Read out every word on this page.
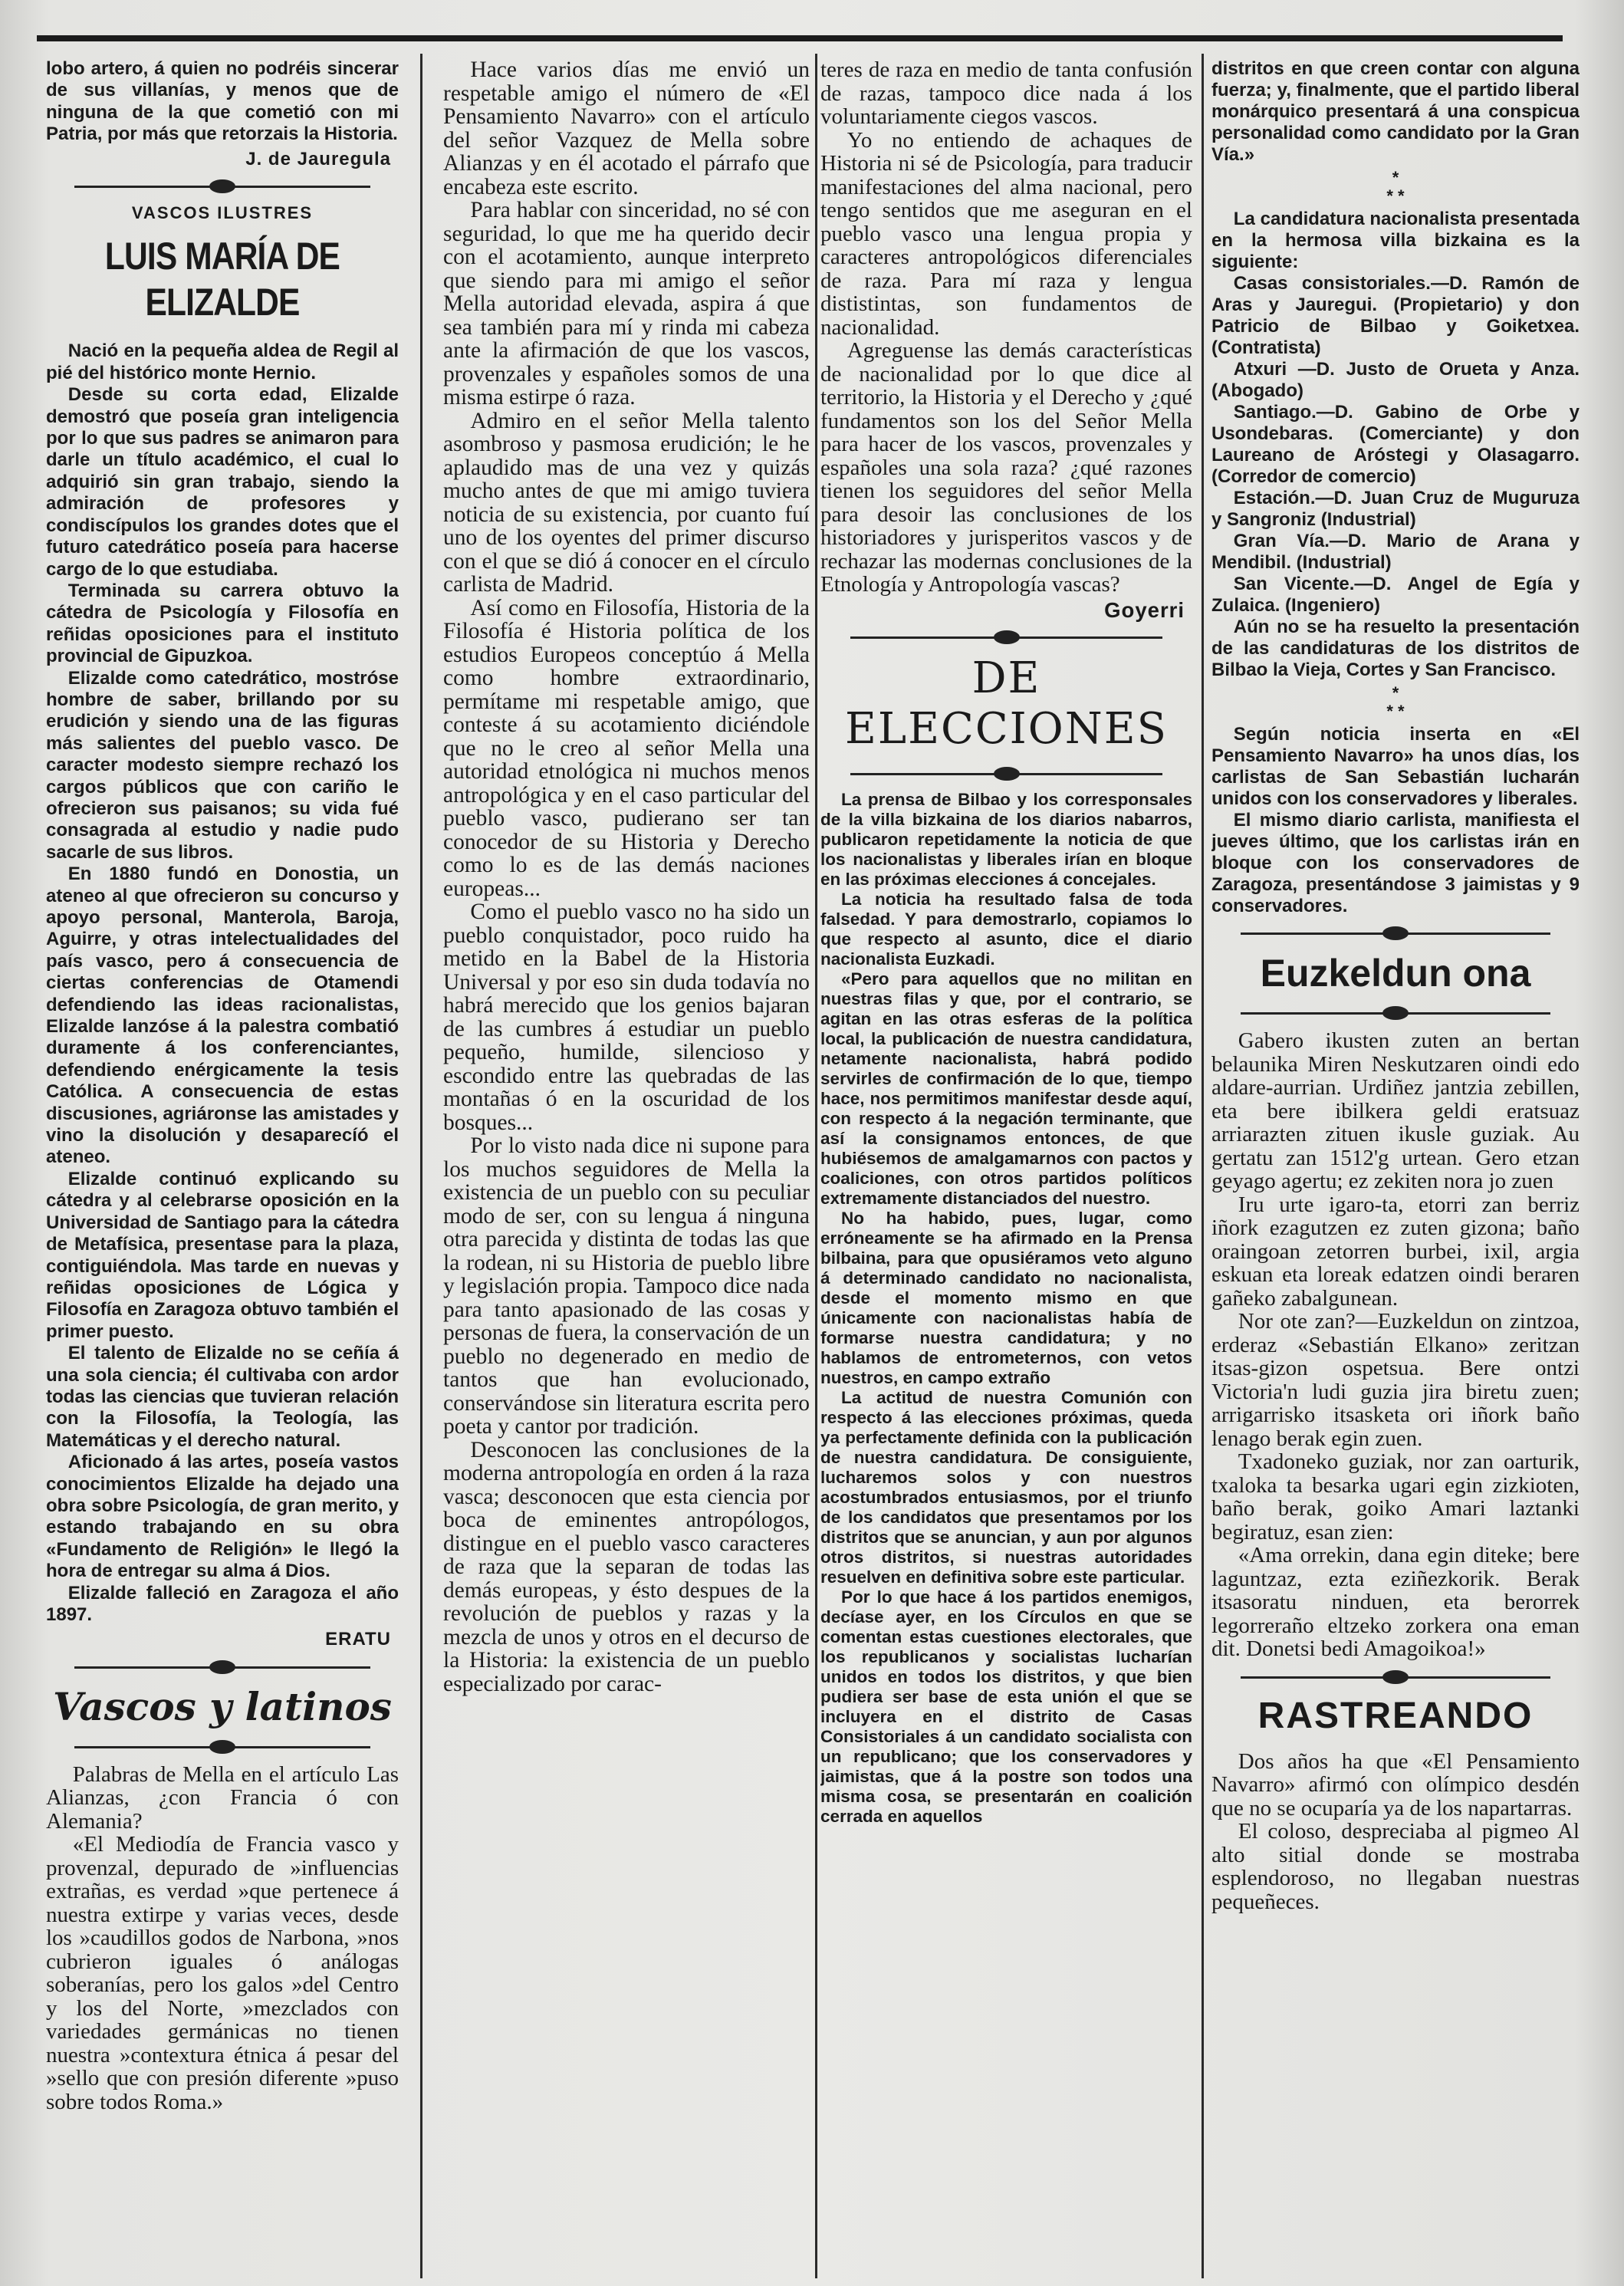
lobo artero, á quien no podréis sincerar de sus villanías, y menos que de ninguna de la que cometió con mi Patria, por más que retorzais la Historia.

J. de Jauregula
VASCOS ILUSTRES
LUIS MARÍA DE ELIZALDE

Nació en la pequeña aldea de Regil al pié del histórico monte Hernio.

Desde su corta edad, Elizalde demostró que poseía gran inteligencia por lo que sus padres se animaron para darle un título académico, el cual lo adquirió sin gran trabajo, siendo la admiración de profesores y condiscípulos los grandes dotes que el futuro catedrático poseía para hacerse cargo de lo que estudiaba.

Terminada su carrera obtuvo la cátedra de Psicología y Filosofía en reñidas oposiciones para el instituto provincial de Gipuzkoa.

Elizalde como catedrático, mostróse hombre de saber, brillando por su erudición y siendo una de las figuras más salientes del pueblo vasco. De caracter modesto siempre rechazó los cargos públicos que con cariño le ofrecieron sus paisanos; su vida fué consagrada al estudio y nadie pudo sacarle de sus libros.

En 1880 fundó en Donostia, un ateneo al que ofrecieron su concurso y apoyo personal, Manterola, Baroja, Aguirre, y otras intelectualidades del país vasco, pero á consecuencia de ciertas conferencias de Otamendi defendiendo las ideas racionalistas, Elizalde lanzóse á la palestra combatió duramente á los conferenciantes, defendiendo enérgicamente la tesis Católica. A consecuencia de estas discusiones, agriáronse las amistades y vino la disolución y desaparecíó el ateneo.

Elizalde continuó explicando su cátedra y al celebrarse oposición en la Universidad de Santiago para la cátedra de Metafísica, presentase para la plaza, contiguiéndola. Mas tarde en nuevas y reñidas oposiciones de Lógica y Filosofía en Zaragoza obtuvo también el primer puesto.

El talento de Elizalde no se ceñía á una sola ciencia; él cultivaba con ardor todas las ciencias que tuvieran relación con la Filosofía, la Teología, las Matemáticas y el derecho natural.

Aficionado á las artes, poseía vastos conocimientos Elizalde ha dejado una obra sobre Psicología, de gran merito, y estando trabajando en su obra «Fundamento de Religión» le llegó la hora de entregar su alma á Dios.

Elizalde falleció en Zaragoza el año 1897.

ERATU
Vascos y latinos

Palabras de Mella en el artículo Las Alianzas, ¿con Francia ó con Alemania?

«El Mediodía de Francia vasco y provenzal, depurado de »influencias extrañas, es verdad »que pertenece á nuestra extirpe y varias veces, desde los »caudillos godos de Narbona, »nos cubrieron iguales ó análogas soberanías, pero los galos »del Centro y los del Norte, »mezclados con variedades germánicas no tienen nuestra »contextura étnica á pesar del »sello que con presión diferente »puso sobre todos Roma.»

Hace varios días me envió un respetable amigo el número de «El Pensamiento Navarro» con el artículo del señor Vazquez de Mella sobre Alianzas y en él acotado el párrafo que encabeza este escrito.

Para hablar con sinceridad, no sé con seguridad, lo que me ha querido decir con el acotamiento, aunque interpreto que siendo para mi amigo el señor Mella autoridad elevada, aspira á que sea también para mí y rinda mi cabeza ante la afirmación de que los vascos, provenzales y españoles somos de una misma estirpe ó raza.

Admiro en el señor Mella talento asombroso y pasmosa erudición; le he aplaudido mas de una vez y quizás mucho antes de que mi amigo tuviera noticia de su existencia, por cuanto fuí uno de los oyentes del primer discurso con el que se dió á conocer en el círculo carlista de Madrid.

Así como en Filosofía, Historia de la Filosofía é Historia política de los estudios Europeos conceptúo á Mella como hombre extraordinario, permítame mi respetable amigo, que conteste á su acotamiento diciéndole que no le creo al señor Mella una autoridad etnológica ni muchos menos antropológica y en el caso particular del pueblo vasco, pudierano ser tan conocedor de su Historia y Derecho como lo es de las demás naciones europeas...

Como el pueblo vasco no ha sido un pueblo conquistador, poco ruido ha metido en la Babel de la Historia Universal y por eso sin duda todavía no habrá merecido que los genios bajaran de las cumbres á estudiar un pueblo pequeño, humilde, silencioso y escondido entre las quebradas de las montañas ó en la oscuridad de los bosques...

Por lo visto nada dice ni supone para los muchos seguidores de Mella la existencia de un pueblo con su peculiar modo de ser, con su lengua á ninguna otra parecida y distinta de todas las que la rodean, ni su Historia de pueblo libre y legislación propia. Tampoco dice nada para tanto apasionado de las cosas y personas de fuera, la conservación de un pueblo no degenerado en medio de tantos que han evolucionado, conservándose sin literatura escrita pero poeta y cantor por tradición.

Desconocen las conclusiones de la moderna antropología en orden á la raza vasca; desconocen que esta ciencia por boca de eminentes antropólogos, distingue en el pueblo vasco caracteres de raza que la separan de todas las demás europeas, y ésto despues de la revolución de pueblos y razas y la mezcla de unos y otros en el decurso de la Historia: la existencia de un pueblo especializado por carac-

teres de raza en medio de tanta confusión de razas, tampoco dice nada á los voluntariamente ciegos vascos.

Yo no entiendo de achaques de Historia ni sé de Psicología, para traducir manifestaciones del alma nacional, pero tengo sentidos que me aseguran en el pueblo vasco una lengua propia y caracteres antropológicos diferenciales de raza. Para mí raza y lengua dististintas, son fundamentos de nacionalidad.

Agreguense las demás características de nacionalidad por lo que dice al territorio, la Historia y el Derecho y ¿qué fundamentos son los del Señor Mella para hacer de los vascos, provenzales y españoles una sola raza? ¿qué razones tienen los seguidores del señor Mella para desoir las conclusiones de los historiadores y jurisperitos vascos y de rechazar las modernas conclusiones de la Etnología y Antropología vascas?

Goyerri
DE ELECCIONES

La prensa de Bilbao y los corresponsales de la villa bizkaina de los diarios nabarros, publicaron repetidamente la noticia de que los nacionalistas y liberales irían en bloque en las próximas elecciones á concejales.

La noticia ha resultado falsa de toda falsedad. Y para demostrarlo, copiamos lo que respecto al asunto, dice el diario nacionalista Euzkadi.

«Pero para aquellos que no militan en nuestras filas y que, por el contrario, se agitan en las otras esferas de la política local, la publicación de nuestra candidatura, netamente nacionalista, habrá podido servirles de confirmación de lo que, tiempo hace, nos permitimos manifestar desde aquí, con respecto á la negación terminante, que así la consignamos entonces, de que hubiésemos de amalgamarnos con pactos y coaliciones, con otros partidos políticos extremamente distanciados del nuestro.

No ha habido, pues, lugar, como erróneamente se ha afirmado en la Prensa bilbaina, para que opusiéramos veto alguno á determinado candidato no nacionalista, desde el momento mismo en que únicamente con nacionalistas había de formarse nuestra candidatura; y no hablamos de entrometernos, con vetos nuestros, en campo extraño

La actitud de nuestra Comunión con respecto á las elecciones próximas, queda ya perfectamente definida con la publicación de nuestra candidatura. De consiguiente, lucharemos solos y con nuestros acostumbrados entusiasmos, por el triunfo de los candidatos que presentamos por los distritos que se anuncian, y aun por algunos otros distritos, si nuestras autoridades resuelven en definitiva sobre este particular.

Por lo que hace á los partidos enemigos, decíase ayer, en los Círculos en que se comentan estas cuestiones electorales, que los republicanos y socialistas lucharían unidos en todos los distritos, y que bien pudiera ser base de esta unión el que se incluyera en el distrito de Casas Consistoriales á un candidato socialista con un republicano; que los conservadores y jaimistas, que á la postre son todos una misma cosa, se presentarán en coalición cerrada en aquellos

distritos en que creen contar con alguna fuerza; y, finalmente, que el partido liberal monárquico presentará á una conspicua personalidad como candidato por la Gran Vía.»

*
* *

La candidatura nacionalista presentada en la hermosa villa bizkaina es la siguiente:

Casas consistoriales.—D. Ramón de Aras y Jauregui. (Propietario) y don Patricio de Bilbao y Goiketxea. (Contratista)

Atxuri —D. Justo de Orueta y Anza. (Abogado)

Santiago.—D. Gabino de Orbe y Usondebaras. (Comerciante) y don Laureano de Aróstegi y Olasagarro. (Corredor de comercio)

Estación.—D. Juan Cruz de Muguruza y Sangroniz (Industrial)

Gran Vía.—D. Mario de Arana y Mendibil. (Industrial)

San Vicente.—D. Angel de Egía y Zulaica. (Ingeniero)

Aún no se ha resuelto la presentación de las candidaturas de los distritos de Bilbao la Vieja, Cortes y San Francisco.

*
* *

Según noticia inserta en «El Pensamiento Navarro» ha unos días, los carlistas de San Sebastián lucharán unidos con los conservadores y liberales.

El mismo diario carlista, manifiesta el jueves último, que los carlistas irán en bloque con los conservadores de Zaragoza, presentándose 3 jaimistas y 9 conservadores.

Euzkeldun ona

Gabero ikusten zuten an bertan belaunika Miren Neskutzaren oindi edo aldare-aurrian. Urdiñez jantzia zebillen, eta bere ibilkera geldi eratsuaz arriarazten zituen ikusle guziak. Au gertatu zan 1512'g urtean. Gero etzan geyago agertu; ez zekiten nora jo zuen

Iru urte igaro-ta, etorri zan berriz iñork ezagutzen ez zuten gizona; baño oraingoan zetorren burbei, ixil, argia eskuan eta loreak edatzen oindi beraren gañeko zabalgunean.

Nor ote zan?—Euzkeldun on zintzoa, erderaz «Sebastián Elkano» zeritzan itsas-gizon ospetsua. Bere ontzi Victoria'n ludi guzia jira biretu zuen; arrigarrisko itsasketa ori iñork baño lenago berak egin zuen.

Txadoneko guziak, nor zan oarturik, txaloka ta besarka ugari egin zizkioten, baño berak, goiko Amari laztanki begiratuz, esan zien:

«Ama orrekin, dana egin diteke; bere laguntzaz, ezta eziñezkorik. Berak itsasoratu ninduen, eta berorrek legorreraño eltzeko zorkera ona eman dit. Donetsi bedi Amagoikoa!»

RASTREANDO

Dos años ha que «El Pensamiento Navarro» afirmó con olímpico desdén que no se ocuparía ya de los napartarras.

El coloso, despreciaba al pigmeo Al alto sitial donde se mostraba esplendoroso, no llegaban nuestras pequeñeces.
